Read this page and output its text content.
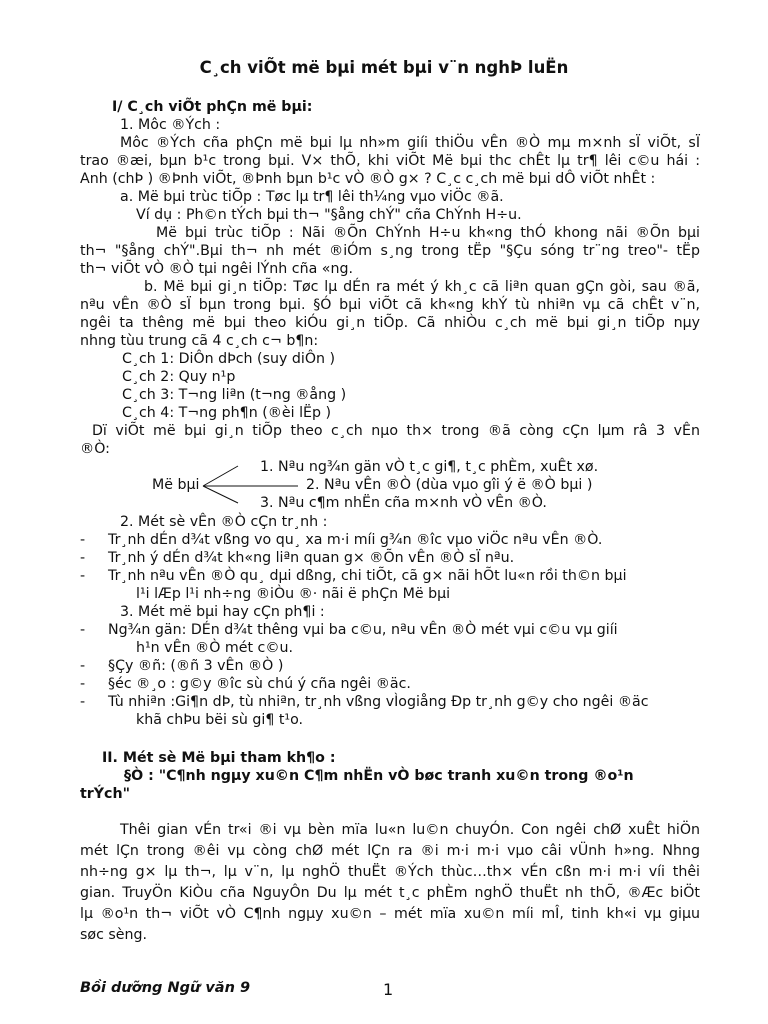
C¸ch viÕt më bµi mét bµi v¨n nghÞ luËn
I/ C¸ch viÕt phÇn më bµi:
1. Môc ®Ých :
Môc ®Ých cña phÇn më bµi lµ nh»m giíi thiÖu vÊn ®Ò mµ m×nh sÏ viÕt, sÏ
trao ®æi, bµn b¹c trong bµi. V× thÕ, khi viÕt Më bµi thc chÊt lµ tr¶ lêi c©u hái :
Anh (chÞ ) ®Þnh viÕt, ®Þnh bµn b¹c vÒ ®Ò g× ? C¸c c¸ch më bµi dÔ viÕt nhÊt :
a. Më bµi trùc tiÕp : Tøc lµ tr¶ lêi th¼ng vµo viÖc ®ã.
Ví dụ : Ph©n tÝch bµi th¬ "§ång chÝ" cña ChÝnh H÷u.
Më bµi trùc tiÕp : Nãi ®Õn ChÝnh H÷u kh«ng thÓ khong nãi ®Õn bµi
th¬ "§ång chÝ".Bµi th¬ nh mét ®iÓm s¸ng trong tËp "§Çu sóng tr¨ng treo"- tËp
th¬ viÕt vÒ ®Ò tµi ngêi lÝnh cña «ng.
b. Më bµi gi¸n tiÕp: Tøc lµ dÉn ra mét ý kh¸c cã liªn quan gÇn gòi, sau ®ã,
nªu vÊn ®Ò sÏ bµn trong bµi. §Ó bµi viÕt cã kh«ng khÝ tù nhiªn vµ cã chÊt v¨n,
ngêi ta thêng më bµi theo kiÓu gi¸n tiÕp. Cã nhiÒu c¸ch më bµi gi¸n tiÕp nµy
nhng tùu trung cã 4 c¸ch c¬ b¶n:
C¸ch 1: DiÔn dÞch (suy diÔn )
C¸ch 2: Quy n¹p
C¸ch 3: T¬ng liªn (t¬ng ®ång )
C¸ch 4: T¬ng ph¶n (®èi lËp )
Dï viÕt më bµi gi¸n tiÕp theo c¸ch nµo th× trong ®ã còng cÇn lµm râ 3 vÊn
®Ò:
Më bµi
1. Nªu ng¾n gän vÒ t¸c gi¶, t¸c phÈm, xuÊt xø.
2. Nªu vÊn ®Ò (dùa vµo gîi ý ë ®Ò bµi )
3. Nªu c¶m nhËn cña m×nh vÒ vÊn ®Ò.
2. Mét sè vÊn ®Ò cÇn tr¸nh :
- Tr¸nh dÉn d¾t vßng vo qu¸ xa m·i míi g¾n ®îc vµo viÖc nªu vÊn ®Ò.
- Tr¸nh ý dÉn d¾t kh«ng liªn quan g× ®Õn vÊn ®Ò sÏ nªu.
- Tr¸nh nªu vÊn ®Ò qu¸ dµi dßng, chi tiÕt, cã g× nãi hÕt lu«n rồi th©n bµi
l¹i lÆp l¹i nh÷ng ®iÒu ®· nãi ë phÇn Më bµi
3. Mét më bµi hay cÇn ph¶i :
- Ng¾n gän: DÉn d¾t thêng vµi ba c©u, nªu vÊn ®Ò mét vµi c©u vµ giíi
h¹n vÊn ®Ò mét c©u.
- §Çy ®ñ: (®ñ 3 vÊn ®Ò )
- §éc ®¸o : g©y ®îc sù chú ý cña ngêi ®äc.
- Tù nhiªn :Gi¶n dÞ, tù nhiªn, tr¸nh vßng vÌogiång Ðp tr¸nh g©y cho ngêi ®äc
khã chÞu bëi sù gi¶ t¹o.
II. Mét sè Më bµi tham kh¶o :
§Ò : "C¶nh ngµy xu©n C¶m nhËn vÒ bøc tranh xu©n trong ®o¹n
trÝch"
Thêi gian vÉn tr«i ®i vµ bèn mïa lu«n lu©n chuyÓn. Con ngêi chØ xuÊt hiÖn
mét lÇn trong ®êi vµ còng chØ mét lÇn ra ®i m·i m·i vµo câi vÜnh h»ng. Nhng
nh÷ng g× lµ th¬, lµ v¨n, lµ nghÖ thuËt ®Ých thùc…th× vÉn cßn m·i m·i víi thêi
gian. TruyÖn KiÒu cña NguyÔn Du lµ mét t¸c phÈm nghÖ thuËt nh thÕ, ®Æc biÖt
lµ ®o¹n th¬ viÕt vÒ C¶nh ngµy xu©n – mét mïa xu©n míi mÎ, tinh kh«i vµ giµu
søc sèng.
Bồi dưỡng Ngữ văn 9	1
